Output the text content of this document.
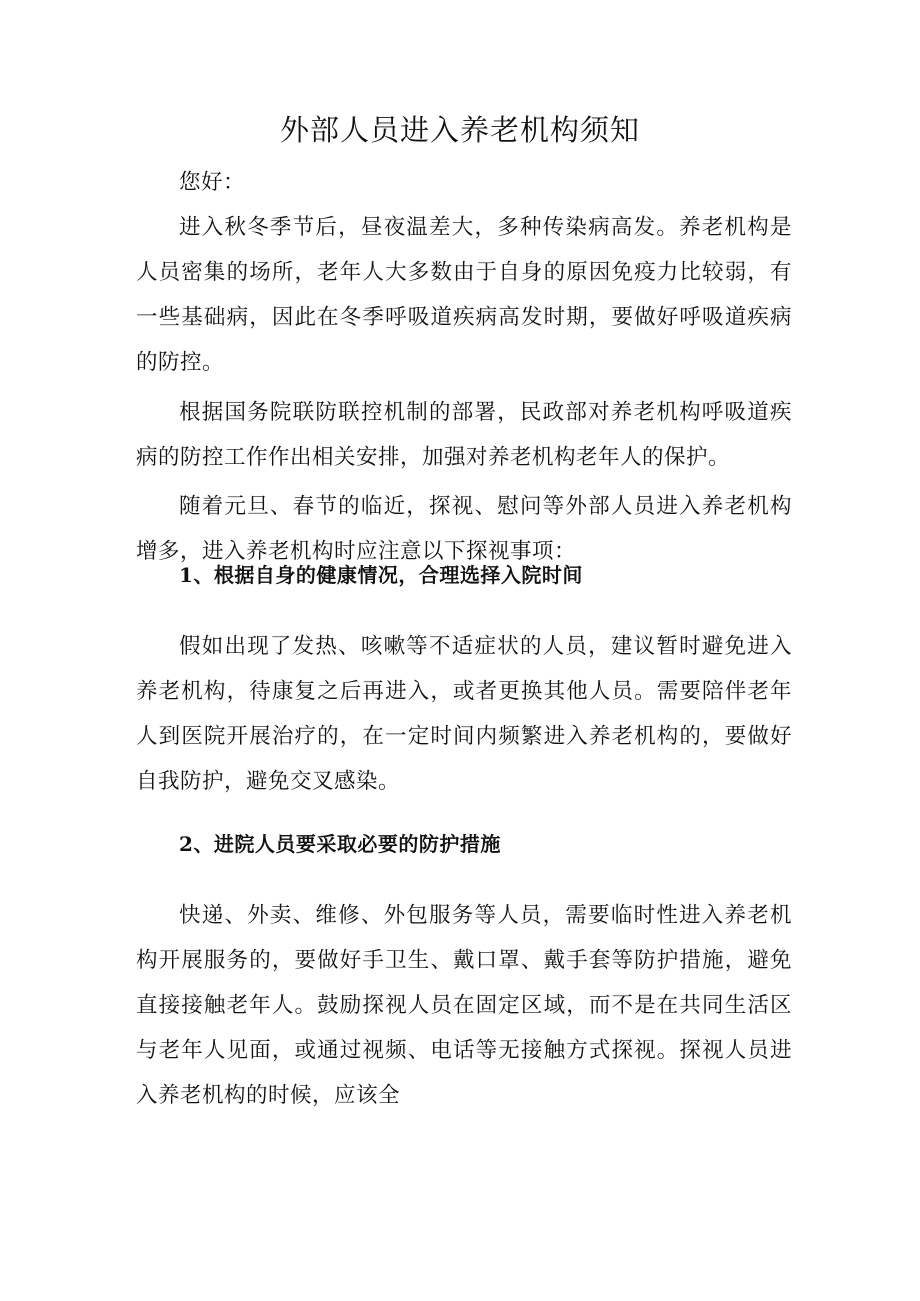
外部人员进入养老机构须知

您好：

进入秋冬季节后，昼夜温差大，多种传染病高发。养老机构是人员密集的场所，老年人大多数由于自身的原因免疫力比较弱，有一些基础病，因此在冬季呼吸道疾病高发时期，要做好呼吸道疾病的防控。

根据国务院联防联控机制的部署，民政部对养老机构呼吸道疾病的防控工作作出相关安排，加强对养老机构老年人的保护。

随着元旦、春节的临近，探视、慰问等外部人员进入养老机构增多，进入养老机构时应注意以下探视事项：

1、根据自身的健康情况，合理选择入院时间

假如出现了发热、咳嗽等不适症状的人员，建议暂时避免进入养老机构，待康复之后再进入，或者更换其他人员。需要陪伴老年人到医院开展治疗的，在一定时间内频繁进入养老机构的，要做好自我防护，避免交叉感染。

2、进院人员要采取必要的防护措施

快递、外卖、维修、外包服务等人员，需要临时性进入养老机构开展服务的，要做好手卫生、戴口罩、戴手套等防护措施，避免直接接触老年人。鼓励探视人员在固定区域，而不是在共同生活区与老年人见面，或通过视频、电话等无接触方式探视。探视人员进入养老机构的时候，应该全
